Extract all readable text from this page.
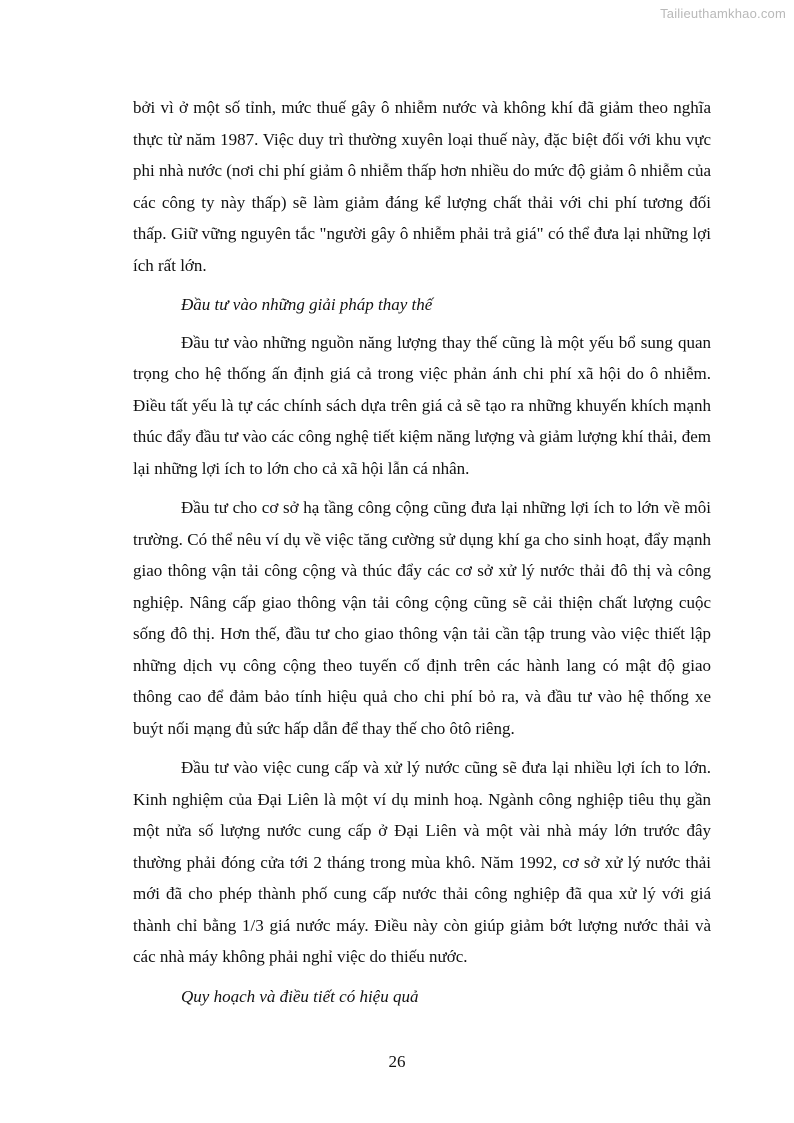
Tailieuthamkhao.com

bởi vì ở một số tỉnh, mức thuế gây ô nhiễm nước và không khí đã giảm theo nghĩa thực từ năm 1987. Việc duy trì thường xuyên loại thuế này, đặc biệt đối với khu vực phi nhà nước (nơi chi phí giảm ô nhiễm thấp hơn nhiều do mức độ giảm ô nhiễm của các công ty này thấp) sẽ làm giảm đáng kể lượng chất thải với chi phí tương đối thấp. Giữ vững nguyên tắc "người gây ô nhiễm phải trả giá" có thể đưa lại những lợi ích rất lớn.

Đầu tư vào những giải pháp thay thế

Đầu tư vào những nguồn năng lượng thay thế cũng là một yếu bổ sung quan trọng cho hệ thống ấn định giá cả trong việc phản ánh chi phí xã hội do ô nhiễm. Điều tất yếu là tự các chính sách dựa trên giá cả sẽ tạo ra những khuyến khích mạnh thúc đẩy đầu tư vào các công nghệ tiết kiệm năng lượng và giảm lượng khí thải, đem lại những lợi ích to lớn cho cả xã hội lẫn cá nhân.

Đầu tư cho cơ sở hạ tầng công cộng cũng đưa lại những lợi ích to lớn về môi trường. Có thể nêu ví dụ về việc tăng cường sử dụng khí ga cho sinh hoạt, đẩy mạnh giao thông vận tải công cộng và thúc đẩy các cơ sở xử lý nước thải đô thị và công nghiệp. Nâng cấp giao thông vận tải công cộng cũng sẽ cải thiện chất lượng cuộc sống đô thị. Hơn thế, đầu tư cho giao thông vận tải cần tập trung vào việc thiết lập những dịch vụ công cộng theo tuyến cố định trên các hành lang có mật độ giao thông cao để đảm bảo tính hiệu quả cho chi phí bỏ ra, và đầu tư vào hệ thống xe buýt nối mạng đủ sức hấp dẫn để thay thế cho ôtô riêng.

Đầu tư vào việc cung cấp và xử lý nước cũng sẽ đưa lại nhiều lợi ích to lớn. Kinh nghiệm của Đại Liên là một ví dụ minh hoạ. Ngành công nghiệp tiêu thụ gần một nửa số lượng nước cung cấp ở Đại Liên và một vài nhà máy lớn trước đây thường phải đóng cửa tới 2 tháng trong mùa khô. Năm 1992, cơ sở xử lý nước thải mới đã cho phép thành phố cung cấp nước thải công nghiệp đã qua xử lý với giá thành chỉ bằng 1/3 giá nước máy. Điều này còn giúp giảm bớt lượng nước thải và các nhà máy không phải nghỉ việc do thiếu nước.

Quy hoạch và điều tiết có hiệu quả

26
